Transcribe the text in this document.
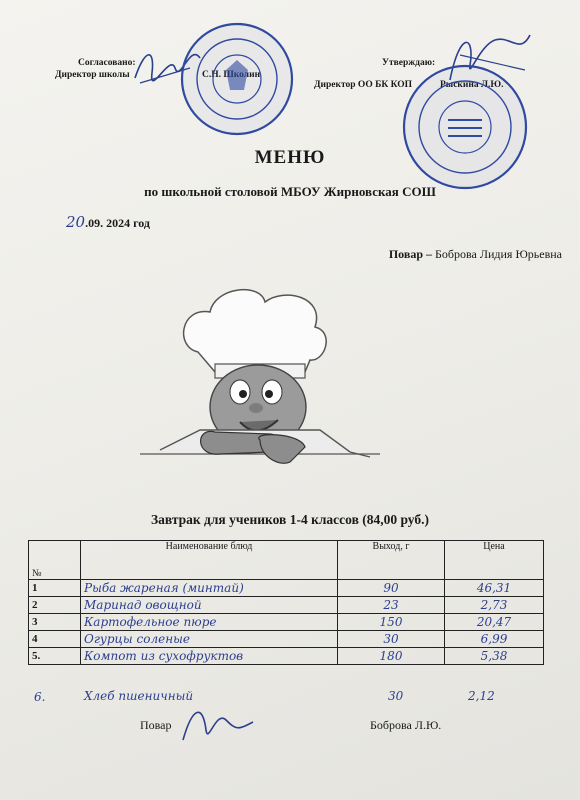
Согласовано:
Директор школы
Утверждаю:
Директор ОО БК КОП
МЕНЮ
по школьной столовой МБОУ Жирновская СОШ
20.09. 2024 год
Повар – Боброва Лидия Юрьевна
Завтрак для учеников 1-4 классов (84,00 руб.)
№	Наименование блюд	Выход, г	Цена
1	Рыба жареная (минтай)	90	46,31
2	Маринад овощной	23	2,73
3	Картофельное пюре	150	20,47
4	Огурцы соленые	30	6,99
5.	Компот из сухофруктов	180	5,38
6.	Хлеб пшеничный	30	2,12
Повар	Боброва Л.Ю.
